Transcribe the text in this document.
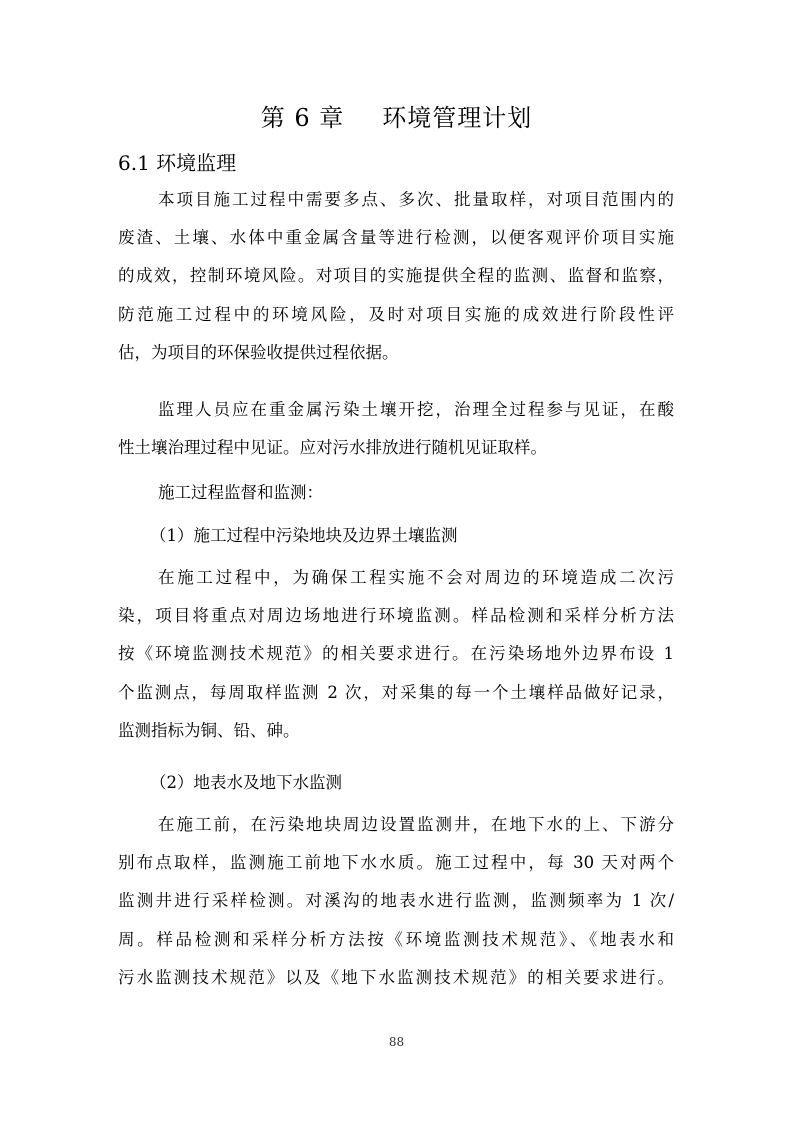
第 6 章 环境管理计划
6.1 环境监理
本项目施工过程中需要多点、多次、批量取样，对项目范围内的
废渣、土壤、水体中重金属含量等进行检测，以便客观评价项目实施
的成效，控制环境风险。对项目的实施提供全程的监测、监督和监察，
防范施工过程中的环境风险，及时对项目实施的成效进行阶段性评
估，为项目的环保验收提供过程依据。
监理人员应在重金属污染土壤开挖，治理全过程参与见证，在酸
性土壤治理过程中见证。应对污水排放进行随机见证取样。
施工过程监督和监测：
（1）施工过程中污染地块及边界土壤监测
在施工过程中，为确保工程实施不会对周边的环境造成二次污
染，项目将重点对周边场地进行环境监测。样品检测和采样分析方法
按《环境监测技术规范》的相关要求进行。在污染场地外边界布设 1
个监测点，每周取样监测 2 次，对采集的每一个土壤样品做好记录，
监测指标为铜、铅、砷。
（2）地表水及地下水监测
在施工前，在污染地块周边设置监测井，在地下水的上、下游分
别布点取样，监测施工前地下水水质。施工过程中，每 30 天对两个
监测井进行采样检测。对溪沟的地表水进行监测，监测频率为 1 次/
周。样品检测和采样分析方法按《环境监测技术规范》、《地表水和
污水监测技术规范》以及《地下水监测技术规范》的相关要求进行。
88
